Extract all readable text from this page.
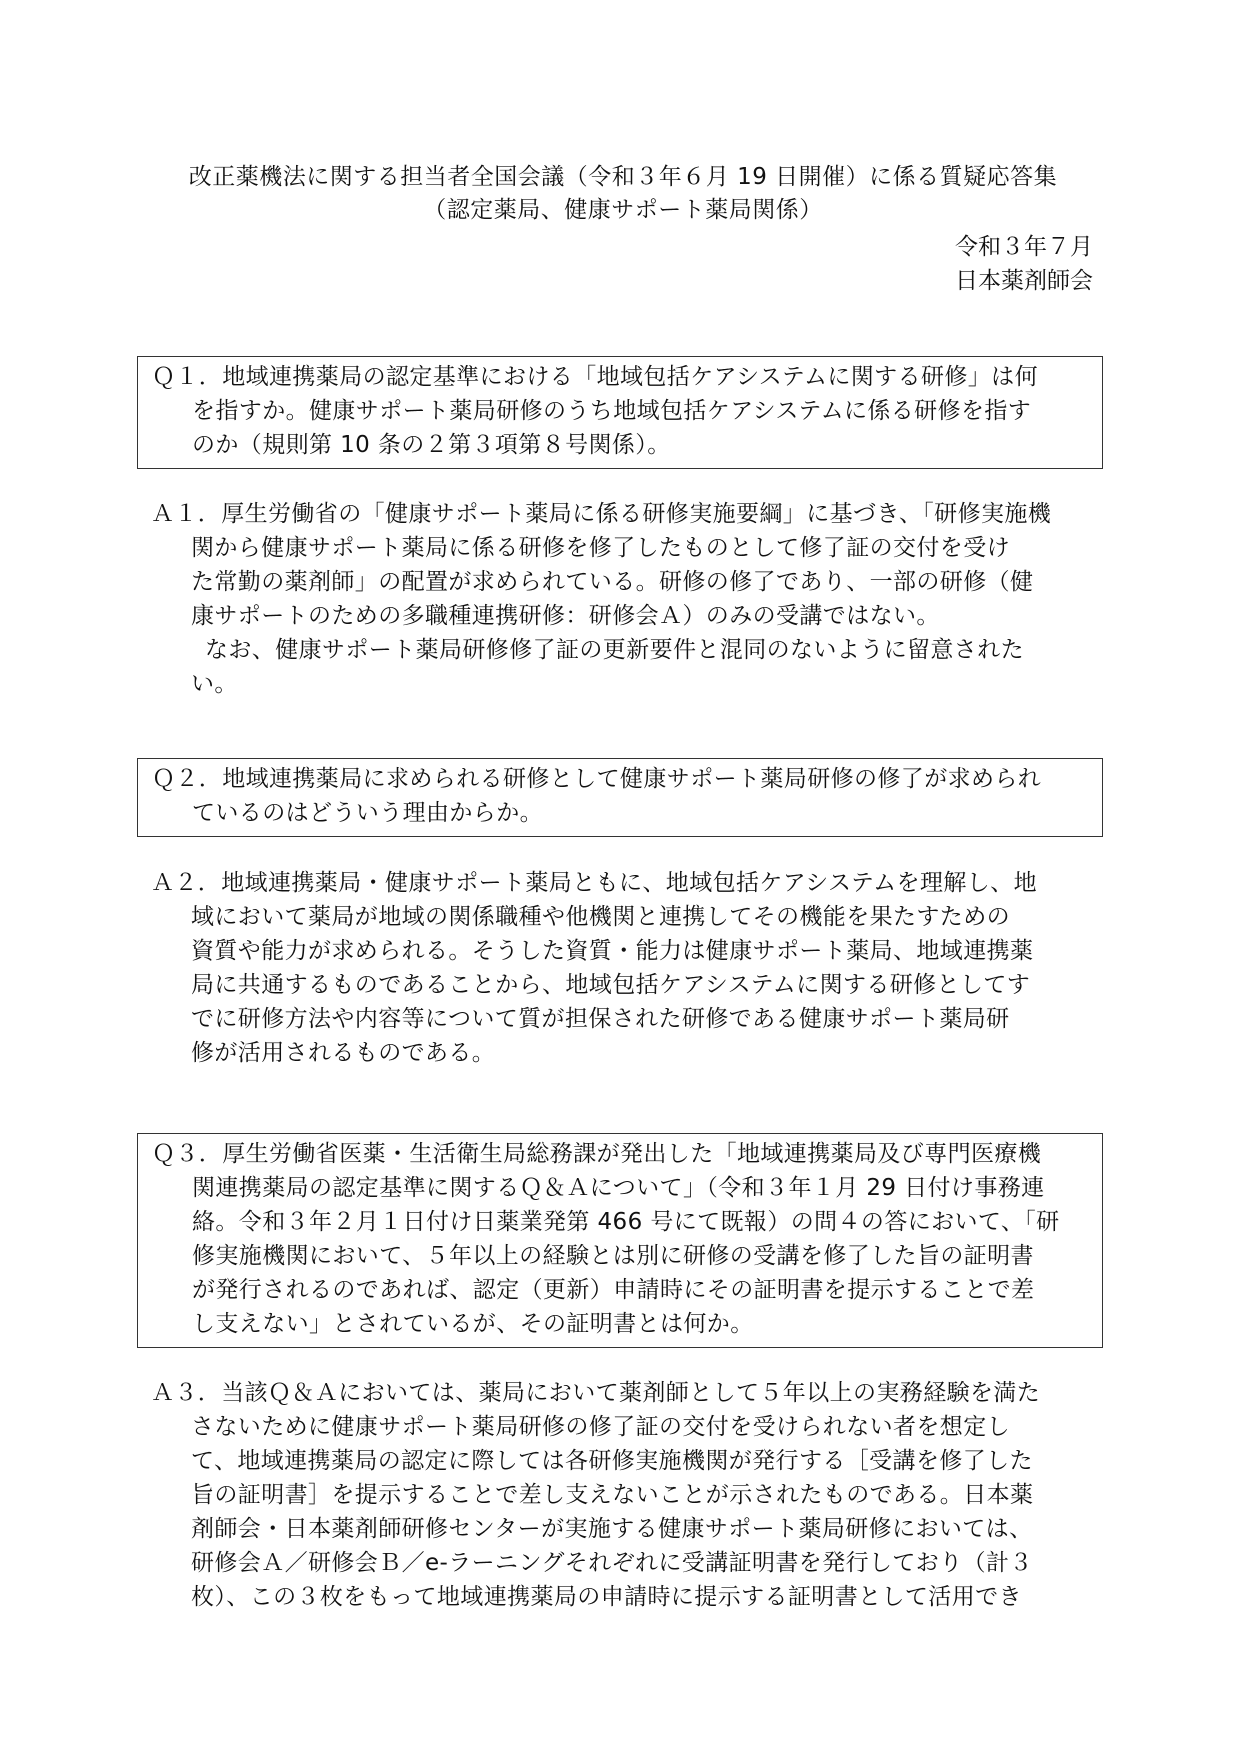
改正薬機法に関する担当者全国会議（令和３年６月 19 日開催）に係る質疑応答集
（認定薬局、健康サポート薬局関係）
令和３年７月
日本薬剤師会
Ｑ１．地域連携薬局の認定基準における「地域包括ケアシステムに関する研修」は何
を指すか。健康サポート薬局研修のうち地域包括ケアシステムに係る研修を指す
のか（規則第 10 条の２第３項第８号関係）。
Ａ１．厚生労働省の「健康サポート薬局に係る研修実施要綱」に基づき、「研修実施機
関から健康サポート薬局に係る研修を修了したものとして修了証の交付を受け
た常勤の薬剤師」の配置が求められている。研修の修了であり、一部の研修（健
康サポートのための多職種連携研修：研修会Ａ）のみの受講ではない。
なお、健康サポート薬局研修修了証の更新要件と混同のないように留意された
い。
Ｑ２．地域連携薬局に求められる研修として健康サポート薬局研修の修了が求められ
ているのはどういう理由からか。
Ａ２．地域連携薬局・健康サポート薬局ともに、地域包括ケアシステムを理解し、地
域において薬局が地域の関係職種や他機関と連携してその機能を果たすための
資質や能力が求められる。そうした資質・能力は健康サポート薬局、地域連携薬
局に共通するものであることから、地域包括ケアシステムに関する研修としてす
でに研修方法や内容等について質が担保された研修である健康サポート薬局研
修が活用されるものである。
Ｑ３．厚生労働省医薬・生活衛生局総務課が発出した「地域連携薬局及び専門医療機
関連携薬局の認定基準に関するＱ＆Ａについて」（令和３年１月 29 日付け事務連
絡。令和３年２月１日付け日薬業発第 466 号にて既報）の問４の答において、「研
修実施機関において、５年以上の経験とは別に研修の受講を修了した旨の証明書
が発行されるのであれば、認定（更新）申請時にその証明書を提示することで差
し支えない」とされているが、その証明書とは何か。
Ａ３．当該Ｑ＆Ａにおいては、薬局において薬剤師として５年以上の実務経験を満た
さないために健康サポート薬局研修の修了証の交付を受けられない者を想定し
て、地域連携薬局の認定に際しては各研修実施機関が発行する［受講を修了した
旨の証明書］を提示することで差し支えないことが示されたものである。日本薬
剤師会・日本薬剤師研修センターが実施する健康サポート薬局研修においては、
研修会Ａ／研修会Ｂ／e-ラーニングそれぞれに受講証明書を発行しており（計３
枚）、この３枚をもって地域連携薬局の申請時に提示する証明書として活用でき
